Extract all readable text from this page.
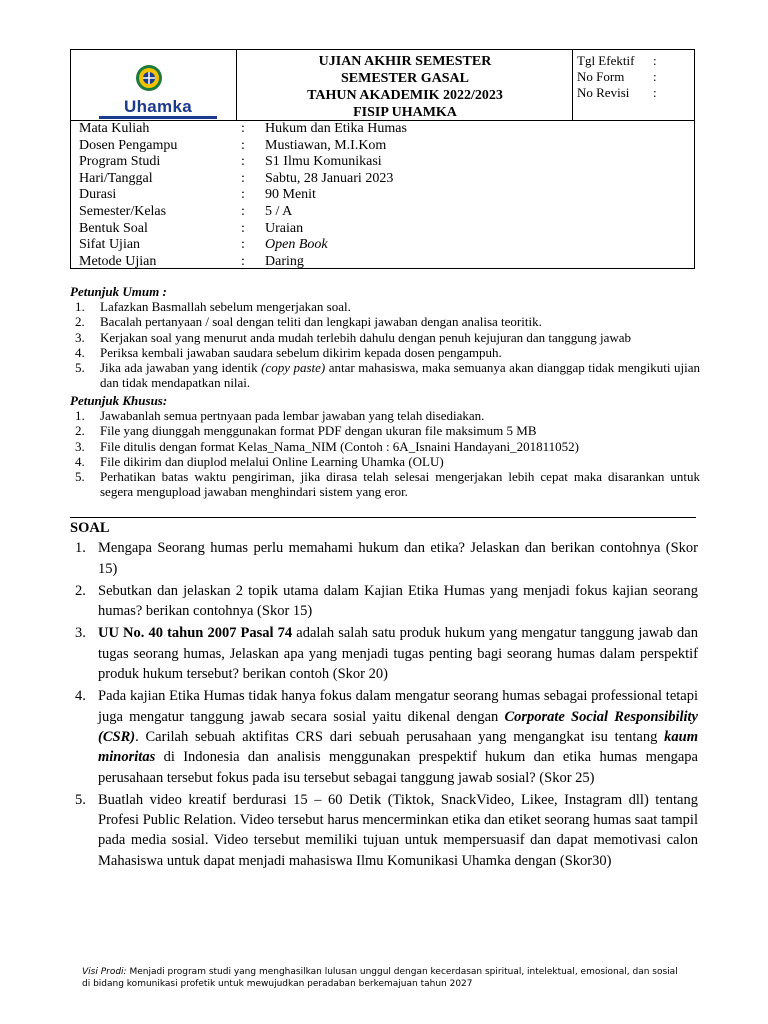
Uhamka
UJIAN AKHIR SEMESTER
SEMESTER GASAL
TAHUN AKADEMIK 2022/2023
FISIP UHAMKA
Tgl Efektif	:
No Form	:
No Revisi	:
Mata Kuliah	:	Hukum dan Etika Humas
Dosen Pengampu	:	Mustiawan, M.I.Kom
Program Studi	:	S1 Ilmu Komunikasi
Hari/Tanggal	:	Sabtu, 28 Januari 2023
Durasi	:	90 Menit
Semester/Kelas	:	5 / A
Bentuk Soal	:	Uraian
Sifat Ujian	:	Open Book
Metode Ujian	:	Daring
Petunjuk Umum :
1.	Lafazkan Basmallah sebelum mengerjakan soal.
2.	Bacalah pertanyaan / soal dengan teliti dan lengkapi jawaban dengan analisa teoritik.
3.	Kerjakan soal yang menurut anda mudah terlebih dahulu dengan penuh kejujuran dan tanggung jawab
4.	Periksa kembali jawaban saudara sebelum dikirim kepada dosen pengampuh.
5.	Jika ada jawaban yang identik (copy paste) antar mahasiswa, maka semuanya akan dianggap tidak mengikuti ujian dan tidak mendapatkan nilai.
Petunjuk Khusus:
1.	Jawabanlah semua pertnyaan pada lembar jawaban yang telah disediakan.
2.	File yang diunggah menggunakan format PDF dengan ukuran file maksimum 5 MB
3.	File ditulis dengan format Kelas_Nama_NIM (Contoh : 6A_Isnaini Handayani_201811052)
4.	File dikirim dan diuplod melalui Online Learning Uhamka (OLU)
5.	Perhatikan batas waktu pengiriman, jika dirasa telah selesai mengerjakan lebih cepat maka disarankan untuk segera mengupload jawaban menghindari sistem yang eror.
SOAL
1. Mengapa Seorang humas perlu memahami hukum dan etika? Jelaskan dan berikan contohnya (Skor 15)
2. Sebutkan dan jelaskan 2 topik utama dalam Kajian Etika Humas yang menjadi fokus kajian seorang humas? berikan contohnya (Skor 15)
3. UU No. 40 tahun 2007 Pasal 74 adalah salah satu produk hukum yang mengatur tanggung jawab dan tugas seorang humas, Jelaskan apa yang menjadi tugas penting bagi seorang humas dalam perspektif produk hukum tersebut? berikan contoh (Skor 20)
4. Pada kajian Etika Humas tidak hanya fokus dalam mengatur seorang humas sebagai professional tetapi juga mengatur tanggung jawab secara sosial yaitu dikenal dengan Corporate Social Responsibility (CSR). Carilah sebuah aktifitas CRS dari sebuah perusahaan yang mengangkat isu tentang kaum minoritas di Indonesia dan analisis menggunakan prespektif hukum dan etika humas mengapa perusahaan tersebut fokus pada isu tersebut sebagai tanggung jawab sosial? (Skor 25)
5. Buatlah video kreatif berdurasi 15 – 60 Detik (Tiktok, SnackVideo, Likee, Instagram dll) tentang Profesi Public Relation. Video tersebut harus mencerminkan etika dan etiket seorang humas saat tampil pada media sosial. Video tersebut memiliki tujuan untuk mempersuasif dan dapat memotivasi calon Mahasiswa untuk dapat menjadi mahasiswa Ilmu Komunikasi Uhamka dengan (Skor30)
Visi Prodi: Menjadi program studi yang menghasilkan lulusan unggul dengan kecerdasan spiritual, intelektual, emosional, dan sosial di bidang komunikasi profetik untuk mewujudkan peradaban berkemajuan tahun 2027
